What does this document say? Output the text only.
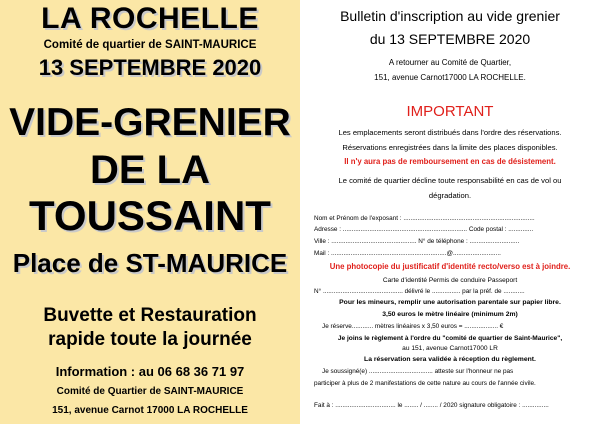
LA ROCHELLE
Comité de quartier de SAINT-MAURICE
13 SEPTEMBRE 2020
VIDE-GRENIER
DE LA
TOUSSAINT
Place de ST-MAURICE
Buvette et Restauration
rapide toute la journée
Information : au 06 68 36 71 97
Comité de Quartier de SAINT-MAURICE
151, avenue Carnot 17000 LA ROCHELLE
Bulletin d'inscription au vide grenier
du 13 SEPTEMBRE 2020
A retourner au Comité de Quartier,
151, avenue Carnot17000 LA ROCHELLE.
IMPORTANT
Les emplacements seront distribués dans l'ordre des réservations.
Réservations enregistrées dans la limite des places disponibles.
Il n'y aura pas de remboursement en cas de désistement.
Le comité de quartier décline toute responsabilité en cas de vol ou
dégradation.
Nom et Prénom de l'exposant : ..........................................................................
Adresse : ...................................................................... Code postal : ..............
Ville : ................................................ N° de téléphone : ............................
Mail : .................................................................@...........................
Une photocopie du justificatif d'identité recto/verso est à joindre.
Carte d'identité Permis de conduire Passeport
N° ............................................. délivré le ................ par la préf. de ............
Pour les mineurs, remplir une autorisation parentale sur papier libre.
3,50 euros le mètre linéaire (minimum 2m)
Je réserve............ mètres linéaires x 3,50 euros = ................... €
Je joins le règlement à l'ordre du "comité de quartier de Saint-Maurice",
au 151, avenue Carnot17000 LR
La réservation sera validée à réception du règlement.
Je soussigné(e) .................................... atteste sur l'honneur ne pas
participer à plus de 2 manifestations de cette nature au cours de l'année civile.
Fait à : .................................. le ........ / ........ / 2020 signature obligatoire : ...............
